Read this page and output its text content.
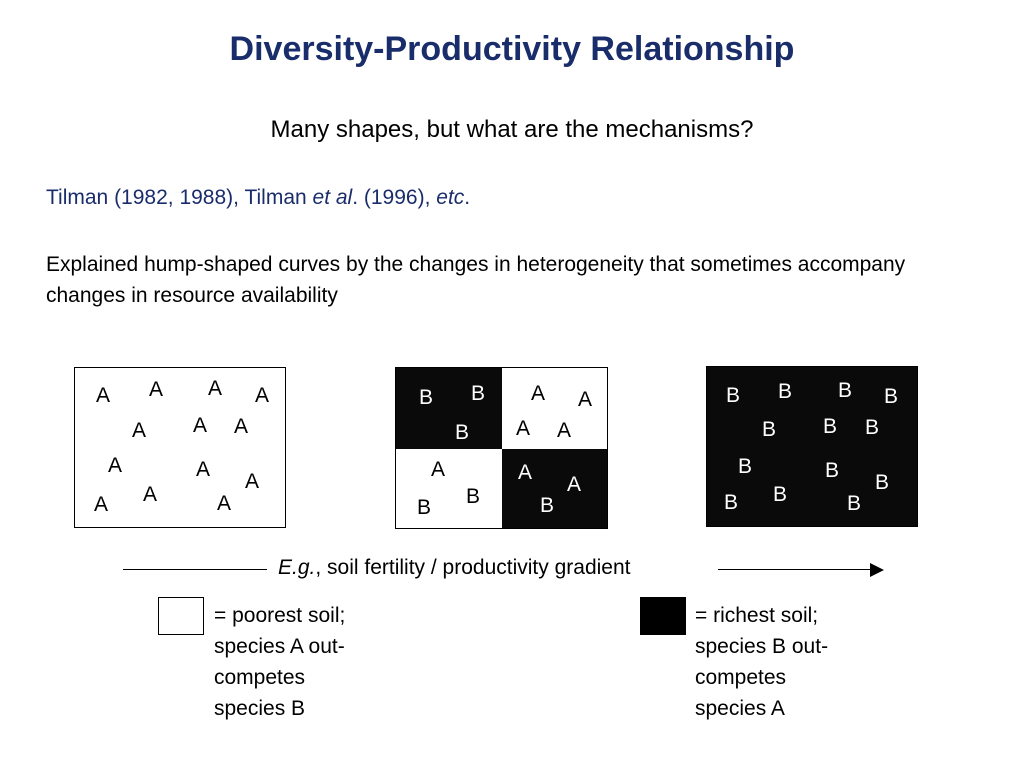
Diversity-Productivity Relationship
Many shapes, but what are the mechanisms?
Tilman (1982, 1988), Tilman et al. (1996), etc.
Explained hump-shaped curves by the changes in heterogeneity that sometimes accompany changes in resource availability
A A A A
A A A
A	A
A
A
A	A
B B A A
B A A
A	A
A
B
B	B
B B B B
B B B
B	B
B
B
B	B
E.g., soil fertility / productivity gradient
= poorest soil;
species A out-
competes
species B
= richest soil;
species B out-
competes
species A
